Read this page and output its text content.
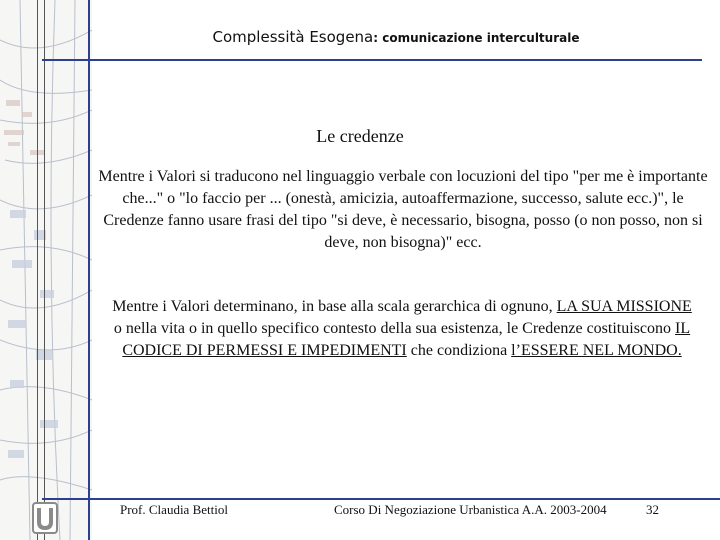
Complessità Esogena: comunicazione interculturale
Le credenze
Mentre i Valori si traducono nel linguaggio verbale con locuzioni del tipo "per me è importante che..." o "lo faccio per ... (onestà, amicizia, autoaffermazione, successo, salute ecc.)", le Credenze fanno usare frasi del tipo "si deve, è necessario, bisogna, posso (o non posso, non si deve, non bisogna)" ecc.
Mentre i Valori determinano, in base alla scala gerarchica di ognuno, LA SUA MISSIONE o nella vita o in quello specifico contesto della sua esistenza, le Credenze costituiscono IL CODICE DI PERMESSI E IMPEDIMENTI che condiziona l’ESSERE NEL MONDO.
Prof. Claudia Bettiol	Corso Di Negoziazione Urbanistica A.A. 2003-2004	32
